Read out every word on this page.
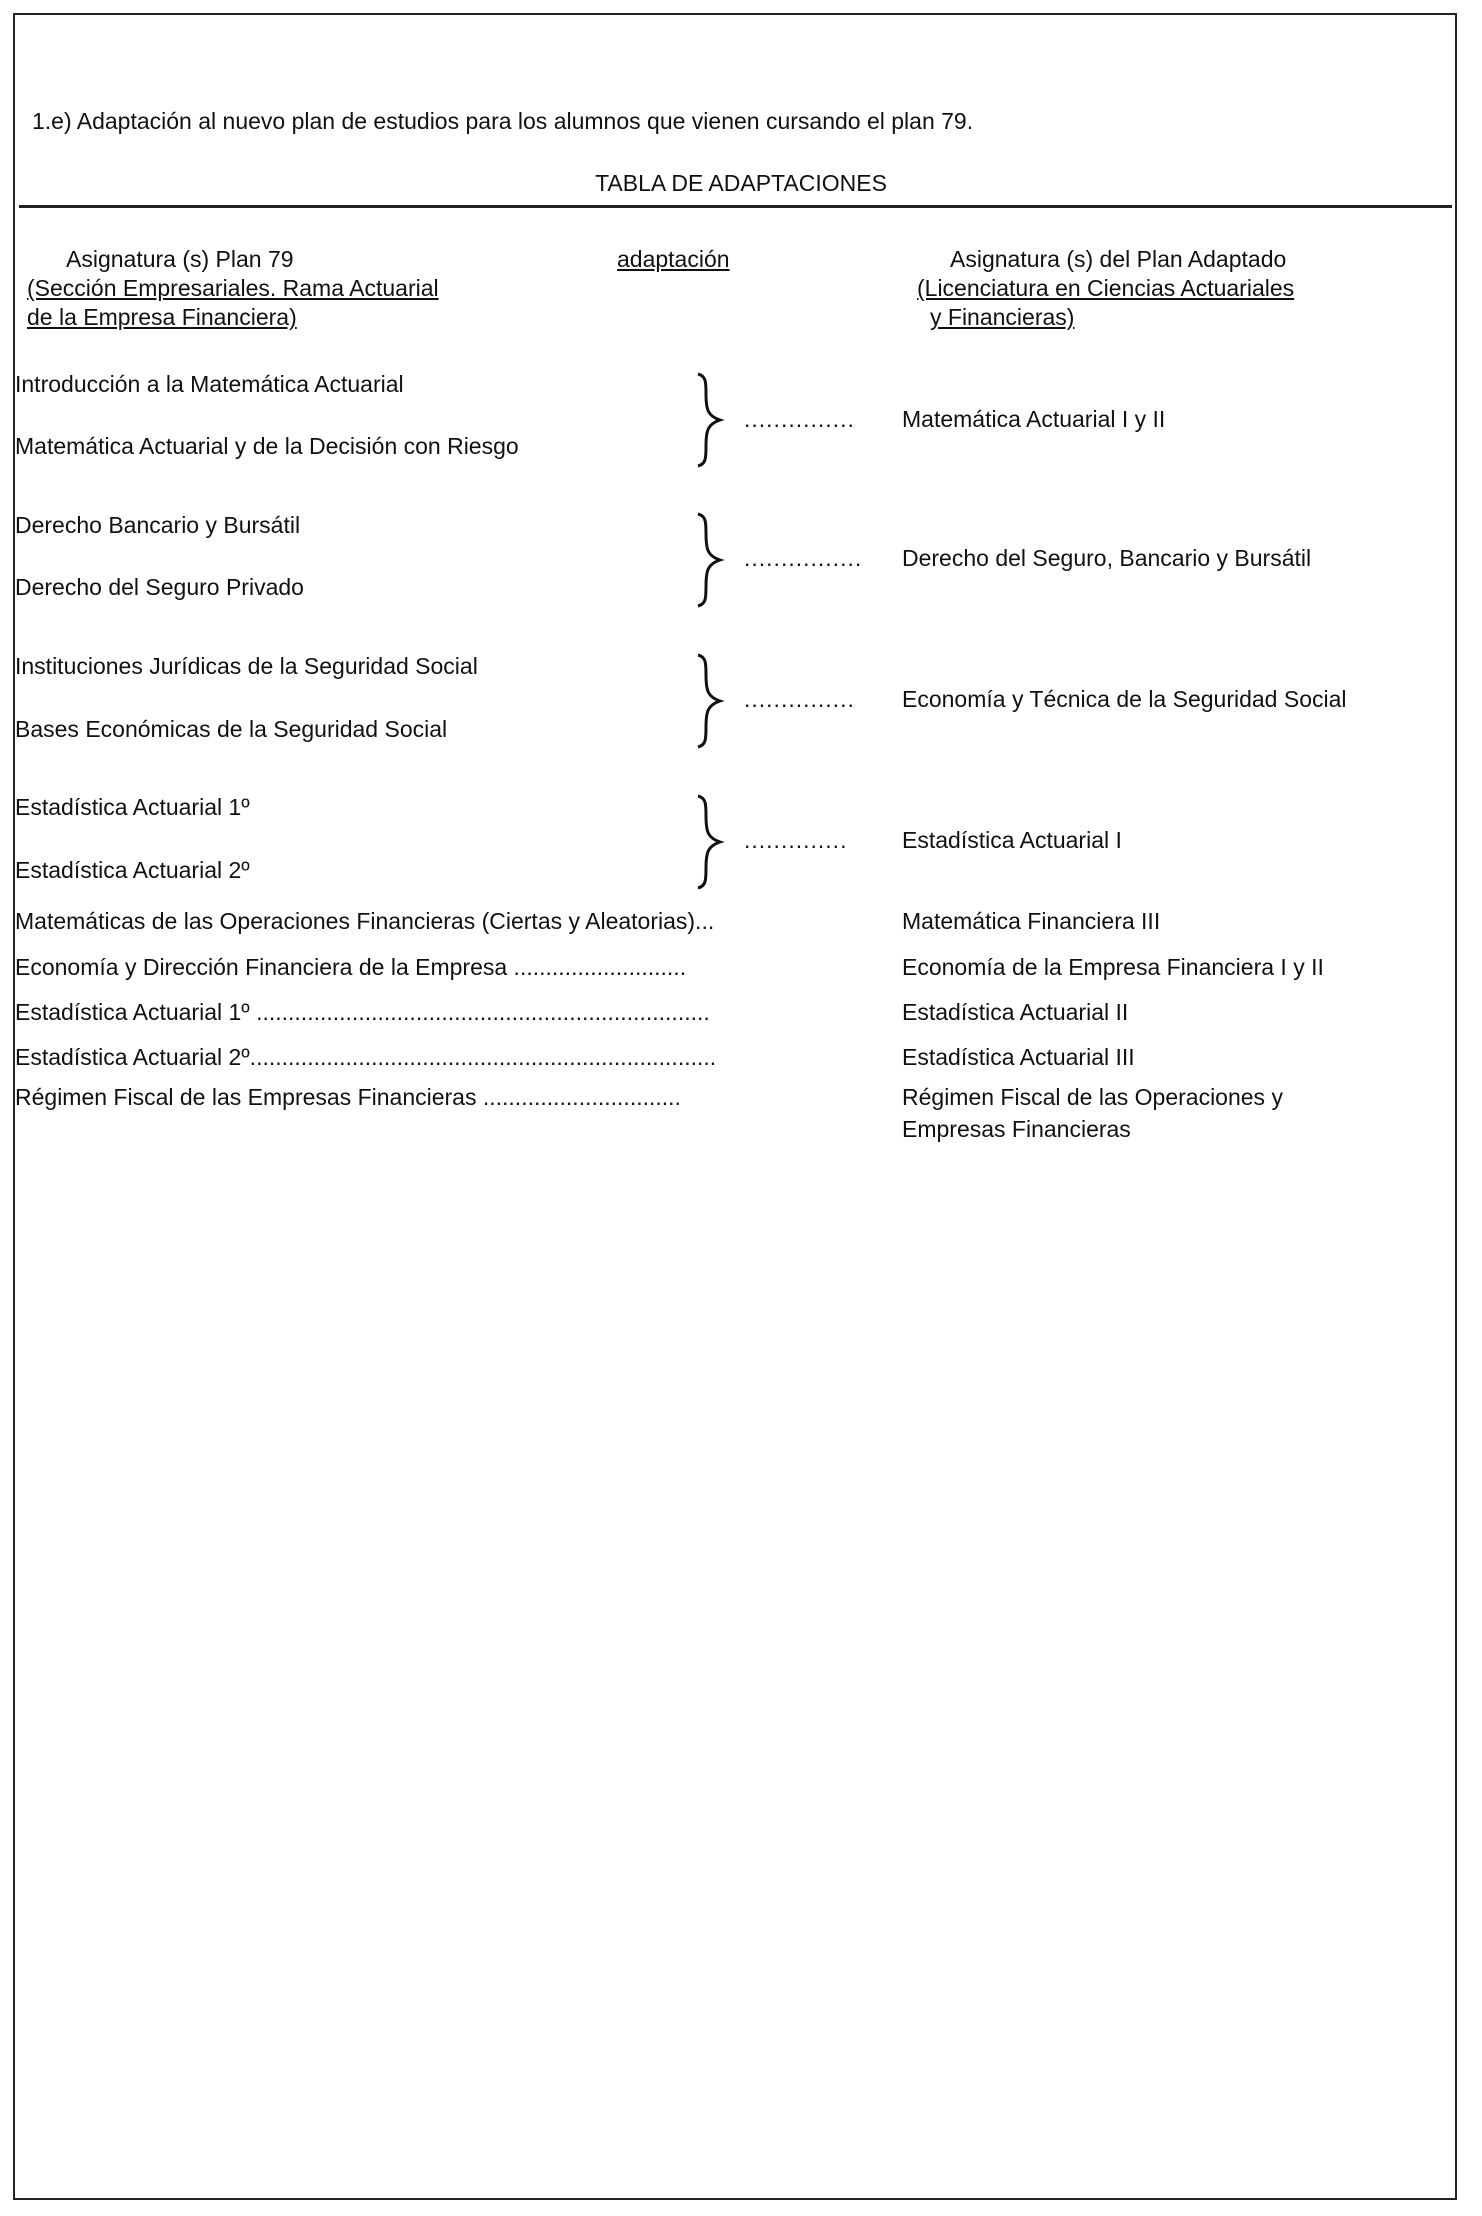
1.e) Adaptación al nuevo plan de estudios para los alumnos que vienen cursando el plan 79.
TABLA DE ADAPTACIONES
Asignatura (s) Plan 79
(Sección Empresariales. Rama Actuarial
de la Empresa Financiera)
adaptación	Asignatura (s) del Plan Adaptado
(Licenciatura en Ciencias Actuariales
y Financieras)
Introducción a la Matemática Actuarial
Matemática Actuarial y de la Decisión con Riesgo
............... Matemática Actuarial I y II
Derecho Bancario y Bursátil
Derecho del Seguro Privado
................ Derecho del Seguro, Bancario y Bursátil
Instituciones Jurídicas de la Seguridad Social
Bases Económicas de la Seguridad Social
............... Economía y Técnica de la Seguridad Social
Estadística Actuarial 1º
Estadística Actuarial 2º
.............. Estadística Actuarial I
Matemáticas de las Operaciones Financieras (Ciertas y Aleatorias)...	Matemática Financiera III
Economía y Dirección Financiera de la Empresa ...........................	Economía de la Empresa Financiera I y II
Estadística Actuarial 1º .......................................................................	Estadística Actuarial II
Estadística Actuarial 2º.........................................................................	Estadística Actuarial III
Régimen Fiscal de las Empresas Financieras ...............................	Régimen Fiscal de las Operaciones y
Empresas Financieras
